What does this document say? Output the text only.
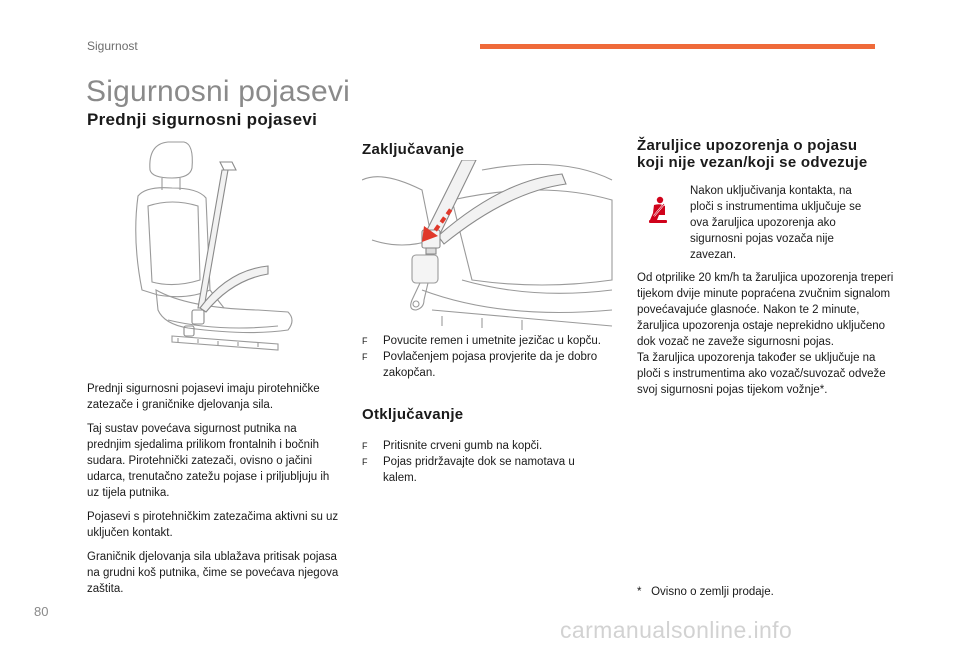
Sigurnost
Sigurnosni pojasevi
Prednji sigurnosni pojasevi

Prednji sigurnosni pojasevi imaju pirotehničke zatezače i graničnike djelovanja sila.

Taj sustav povećava sigurnost putnika na prednjim sjedalima prilikom frontalnih i bočnih sudara. Pirotehnički zatezači, ovisno o jačini udarca, trenutačno zatežu pojase i priljubljuju ih uz tijela putnika.

Pojasevi s pirotehničkim zatezačima aktivni su uz uključen kontakt.

Graničnik djelovanja sila ublažava pritisak pojasa na grudni koš putnika, čime se povećava njegova zaštita.

Zaključavanje
F Povucite remen i umetnite jezičac u kopču.
F Povlačenjem pojasa provjerite da je dobro zakopčan.
Otključavanje
F Pritisnite crveni gumb na kopči.
F Pojas pridržavajte dok se namotava u kalem.
Žaruljice upozorenja o pojasu
koji nije vezan/koji se odvezuje
Nakon uključivanja kontakta, na ploči s instrumentima uključuje se ova žaruljica upozorenja ako sigurnosni pojas vozača nije zavezan.

Od otprilike 20 km/h ta žaruljica upozorenja treperi tijekom dvije minute popraćena zvučnim signalom povećavajuće glasnoće. Nakon te 2 minute, žaruljica upozorenja ostaje neprekidno uključeno dok vozač ne zaveže sigurnosni pojas.

Ta žaruljica upozorenja također se uključuje na ploči s instrumentima ako vozač/suvozač odveže svoj sigurnosni pojas tijekom vožnje*.

* Ovisno o zemlji prodaje.
80
carmanualsonline.info
